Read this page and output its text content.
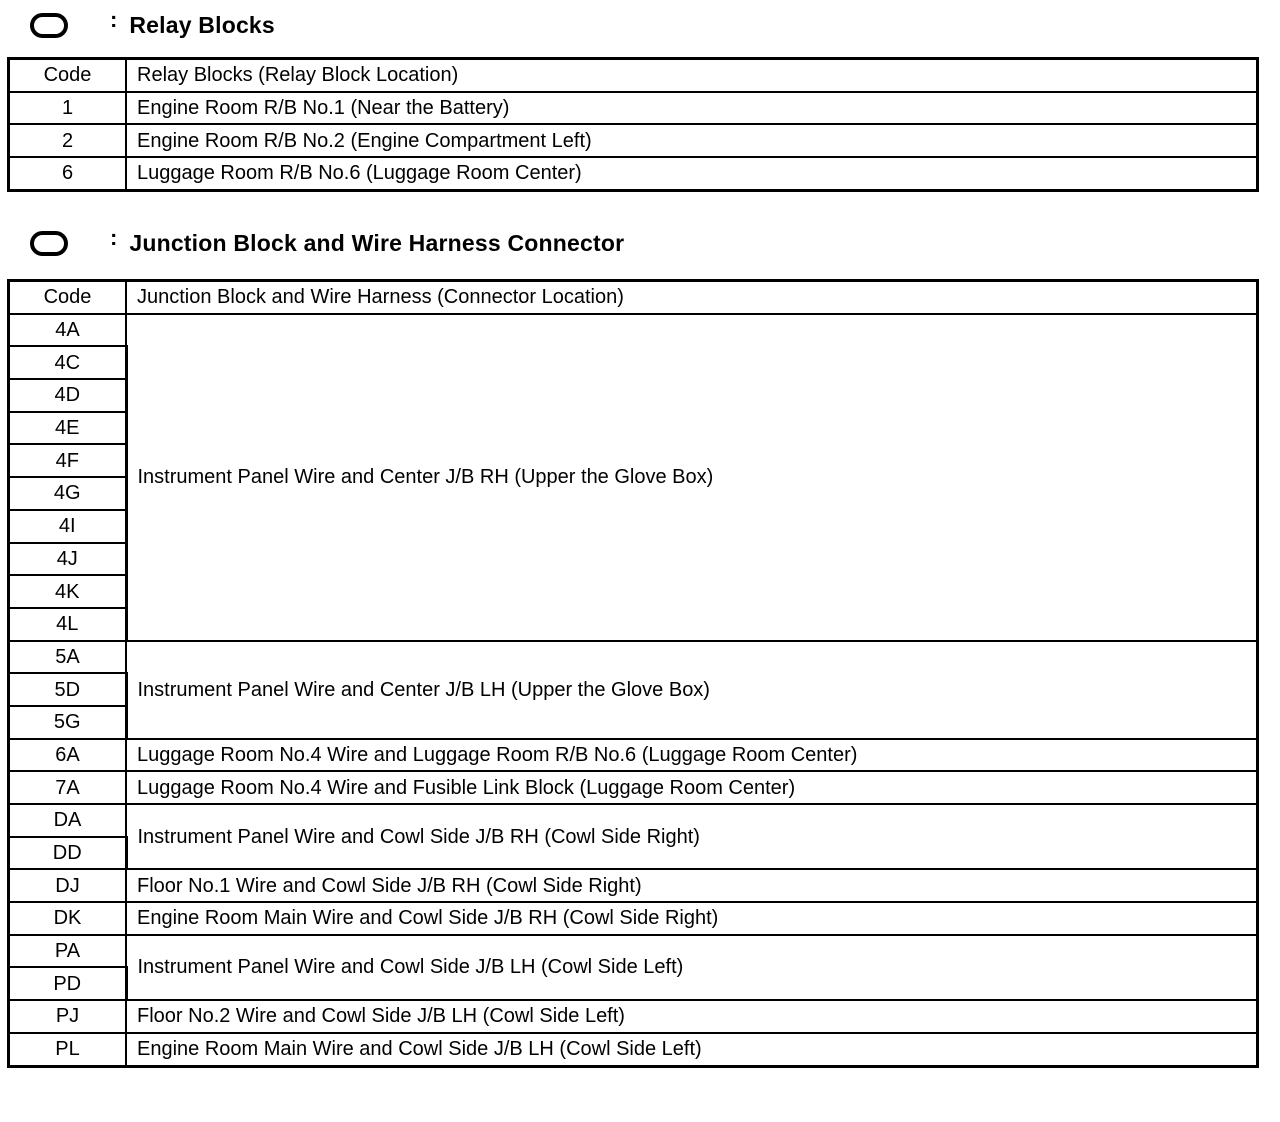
: Relay Blocks
Code	Relay Blocks (Relay Block Location)
1	Engine Room R/B No.1 (Near the Battery)
2	Engine Room R/B No.2 (Engine Compartment Left)
6	Luggage Room R/B No.6 (Luggage Room Center)
: Junction Block and Wire Harness Connector
Code	Junction Block and Wire Harness (Connector Location)
4A	Instrument Panel Wire and Center J/B RH (Upper the Glove Box)
4C	
4D	
4E	
4F	
4G	
4I	
4J	
4K	
4L	
5A	Instrument Panel Wire and Center J/B LH (Upper the Glove Box)
5D	
5G	
6A	Luggage Room No.4 Wire and Luggage Room R/B No.6 (Luggage Room Center)
7A	Luggage Room No.4 Wire and Fusible Link Block (Luggage Room Center)
DA	Instrument Panel Wire and Cowl Side J/B RH (Cowl Side Right)
DD	
DJ	Floor No.1 Wire and Cowl Side J/B RH (Cowl Side Right)
DK	Engine Room Main Wire and Cowl Side J/B RH (Cowl Side Right)
PA	Instrument Panel Wire and Cowl Side J/B LH (Cowl Side Left)
PD	
PJ	Floor No.2 Wire and Cowl Side J/B LH (Cowl Side Left)
PL	Engine Room Main Wire and Cowl Side J/B LH (Cowl Side Left)
